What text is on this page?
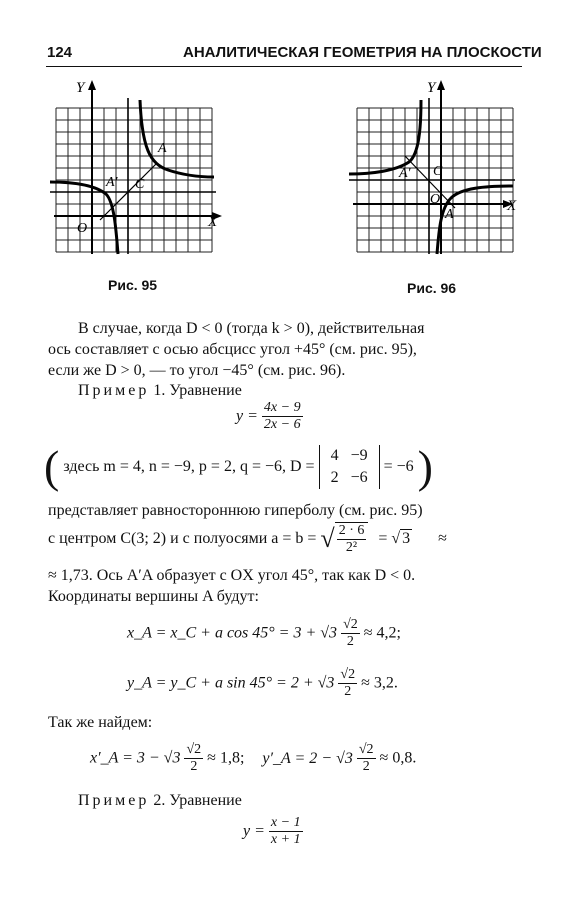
124	АНАЛИТИЧЕСКАЯ ГЕОМЕТРИЯ НА ПЛОСКОСТИ
Y
X
O
A
A′ C
Y
X
O
A
A′ C
Рис. 95	Рис. 96
В случае, когда D < 0 (тогда k > 0), действительная
ось составляет с осью абсцисс угол +45° (см. рис. 95),
если же D > 0, — то угол −45° (см. рис. 96).
Пример 1. Уравнение
$y = \frac{4x - 9}{2x - 6}$
( здесь m = 4, n = −9, p = 2, q = −6, D =
4	−9
2	−6
= −6 )
представляет равностороннюю гиперболу (см. рис. 95)
с центром C(3; 2) и с полуосями a = b = √ $\frac{2 \cdot 6}{\text{2²}}$ = √ 3 ≈
≈ 1,73. Ось A′A образует с OX угол 45°, так как D < 0.
Координаты вершины A будут:
x_A = x_C + a $\cos 45^\circ = 3 + √3 \frac{√2}{2} \approx 4,2$;
y_A = y_C + a $\sin 45^\circ = 2 + √3 \frac{√2}{2} \approx 3,2$.
Так же найдем:
x′_A = $3 - √3 \frac{√2}{2} \approx 1,8$; y′_A = $2 - √3 \frac{√2}{2} \approx 0,8$.
Пример 2. Уравнение
$y = \frac{x - 1}{x + 1}$
